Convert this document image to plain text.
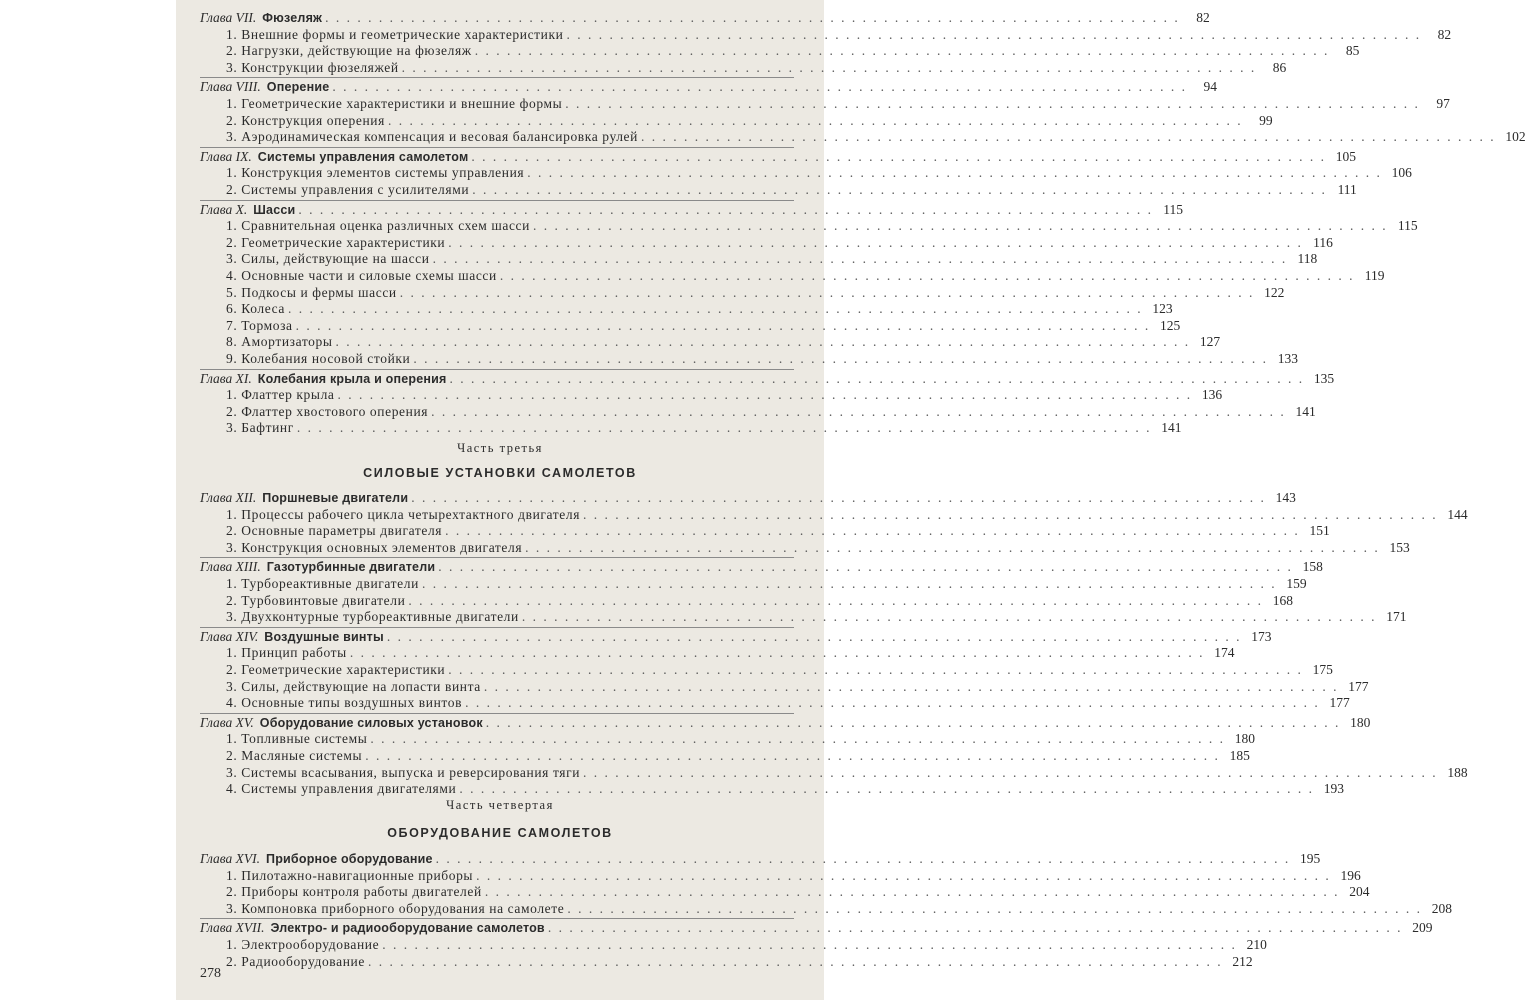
Глава VII. Фюзеляж . . .	82
1. Внешние формы и геометрические характеристики . . .	82
2. Нагрузки, действующие на фюзеляж . . .	85
3. Конструкции фюзеляжей . . .	86
Глава VIII. Оперение . . .	94
1. Геометрические характеристики и внешние формы . . .	97
2. Конструкция оперения . . .	99
3. Аэродинамическая компенсация и весовая балансировка рулей . . .	102
Глава IX. Системы управления самолетом . . .	105
1. Конструкция элементов системы управления . . .	106
2. Системы управления с усилителями . . .	111
Глава X. Шасси . . .	115
1. Сравнительная оценка различных схем шасси . . .	115
2. Геометрические характеристики . . .	116
3. Силы, действующие на шасси . . .	118
4. Основные части и силовые схемы шасси . . .	119
5. Подкосы и фермы шасси . . .	122
6. Колеса . . .	123
7. Тормоза . . .	125
8. Амортизаторы . . .	127
9. Колебания носовой стойки . . .	133
Глава XI. Колебания крыла и оперения . . .	135
1. Флаттер крыла . . .	136
2. Флаттер хвостового оперения . . .	141
3. Бафтинг . . .	141
Часть третья
СИЛОВЫЕ УСТАНОВКИ САМОЛЕТОВ
Глава XII. Поршневые двигатели . . .	143
1. Процессы рабочего цикла четырехтактного двигателя . . .	144
2. Основные параметры двигателя . . .	151
3. Конструкция основных элементов двигателя . . .	153
Глава XIII. Газотурбинные двигатели . . .	158
1. Турбореактивные двигатели . . .	159
2. Турбовинтовые двигатели . . .	168
3. Двухконтурные турбореактивные двигатели . . .	171
Глава XIV. Воздушные винты . . .	173
1. Принцип работы . . .	174
2. Геометрические характеристики . . .	175
3. Силы, действующие на лопасти винта . . .	177
4. Основные типы воздушных винтов . . .	177
Глава XV. Оборудование силовых установок . . .	180
1. Топливные системы . . .	180
2. Масляные системы . . .	185
3. Системы всасывания, выпуска и реверсирования тяги . . .	188
4. Системы управления двигателями . . .	193
Часть четвертая
ОБОРУДОВАНИЕ САМОЛЕТОВ
Глава XVI. Приборное оборудование . . .	195
1. Пилотажно-навигационные приборы . . .	196
2. Приборы контроля работы двигателей . . .	204
3. Компоновка приборного оборудования на самолете . . .	208
Глава XVII. Электро- и радиооборудование самолетов . . .	209
1. Электрооборудование . . .	210
2. Радиооборудование . . .	212
278
